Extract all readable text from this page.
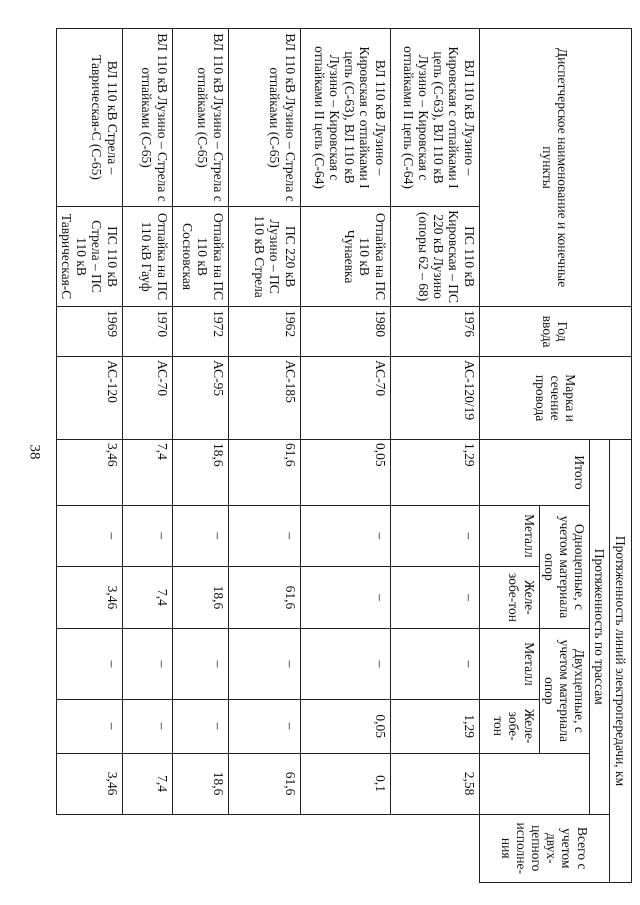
38
Диспетчерское наименование и конечные пункты		Год ввода	Марка и сечение провода	Протяженность линий электропередачи, км						
				Протяженность по трассам						Всего с учетом двух-цепного исполне-ния
				Итого	Одноцепные, с учетом материала опор		Двухцепные, с учетом материала опор			
					Металл	Желе-зобе-тон	Металл	Желе-зобе-тон		
ВЛ 110 кВ Лузино – Кировская с отпайками I цепь (С-63), ВЛ 110 кВ Лузино – Кировская с отпайками II цепь (С-64)	ПС 110 кВ Кировская – ПС 220 кВ Лузино (опоры 62 – 68)	1976	АС-120/19	1,29	–	–	–	1,29	2,58	
ВЛ 110 кВ Лузино – Кировская с отпайками I цепь (С-63), ВЛ 110 кВ Лузино – Кировская с отпайками II цепь (С-64)	Отпайка на ПС 110 кВ Чунаевка	1980	АС-70	0,05	–	–	–	0,05	0,1	
ВЛ 110 кВ Лузино – Стрела с отпайками (С-65)	ПС 220 кВ Лузино – ПС 110 кВ Стрела	1962	АС-185	61,6	–	61,6	–	–	61,6	
ВЛ 110 кВ Лузино – Стрела с отпайками (С-65)	Отпайка на ПС 110 кВ Сосновская	1972	АС-95	18,6	–	18,6	–	–	18,6	
ВЛ 110 кВ Лузино – Стрела с отпайками (С-65)	Отпайка на ПС 110 кВ Гауф	1970	АС-70	7,4	–	7,4	–	–	7,4	
ВЛ 110 кВ Стрела – Таврическая-С (С-65)	ПС 110 кВ Стрела – ПС 110 кВ Таврическая-С	1969	АС-120	3,46	–	3,46	–	–	3,46	
